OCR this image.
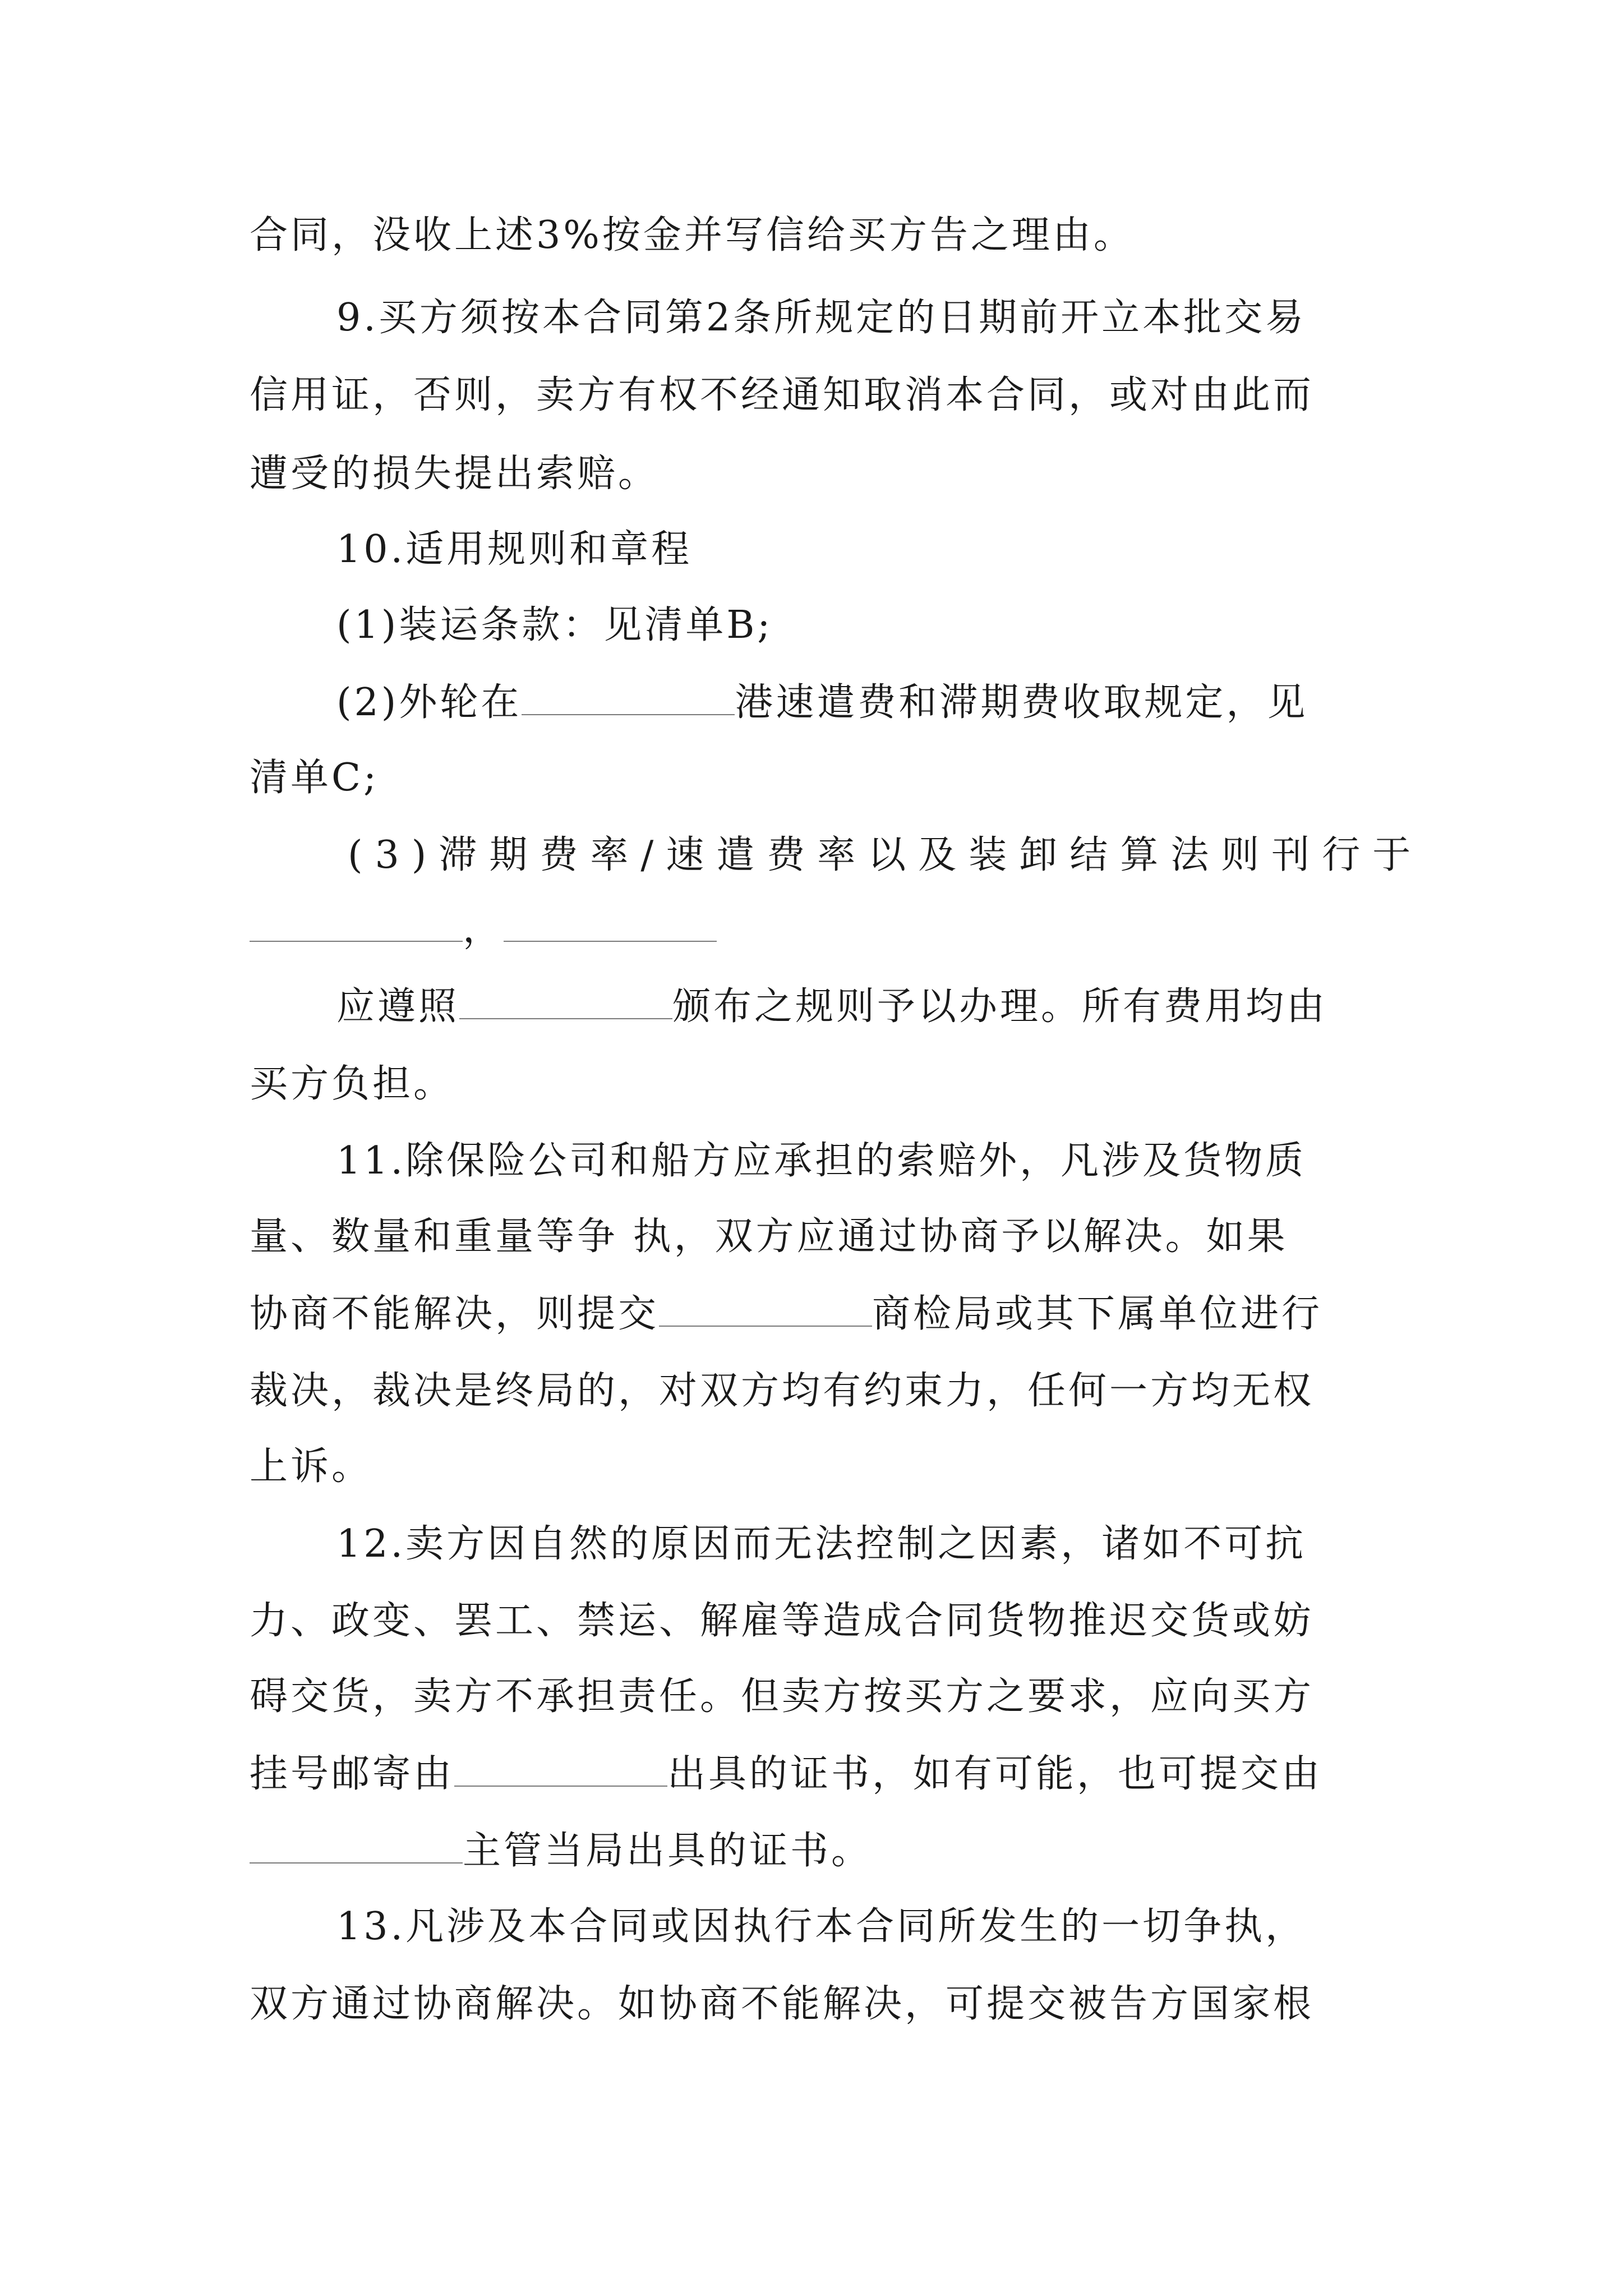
合同，没收上述3%按金并写信给买方告之理由。
9.买方须按本合同第2条所规定的日期前开立本批交易
信用证，否则，卖方有权不经通知取消本合同，或对由此而
遭受的损失提出索赔。
10.适用规则和章程
(1)装运条款：见清单B;
(2)外轮在	港速遣费和滞期费收取规定，见
清单C;
(3)滞期费率/速遣费率以及装卸结算法则刊行于
，
应遵照	颁布之规则予以办理。所有费用均由
买方负担。
11.除保险公司和船方应承担的索赔外，凡涉及货物质
量、数量和重量等争 执，双方应通过协商予以解决。如果
协商不能解决，则提交	商检局或其下属单位进行
裁决，裁决是终局的，对双方均有约束力，任何一方均无权
上诉。
12.卖方因自然的原因而无法控制之因素，诸如不可抗
力、政变、罢工、禁运、解雇等造成合同货物推迟交货或妨
碍交货，卖方不承担责任。但卖方按买方之要求，应向买方
挂号邮寄由	出具的证书，如有可能，也可提交由
主管当局出具的证书。
13.凡涉及本合同或因执行本合同所发生的一切争执，
双方通过协商解决。如协商不能解决，可提交被告方国家根
